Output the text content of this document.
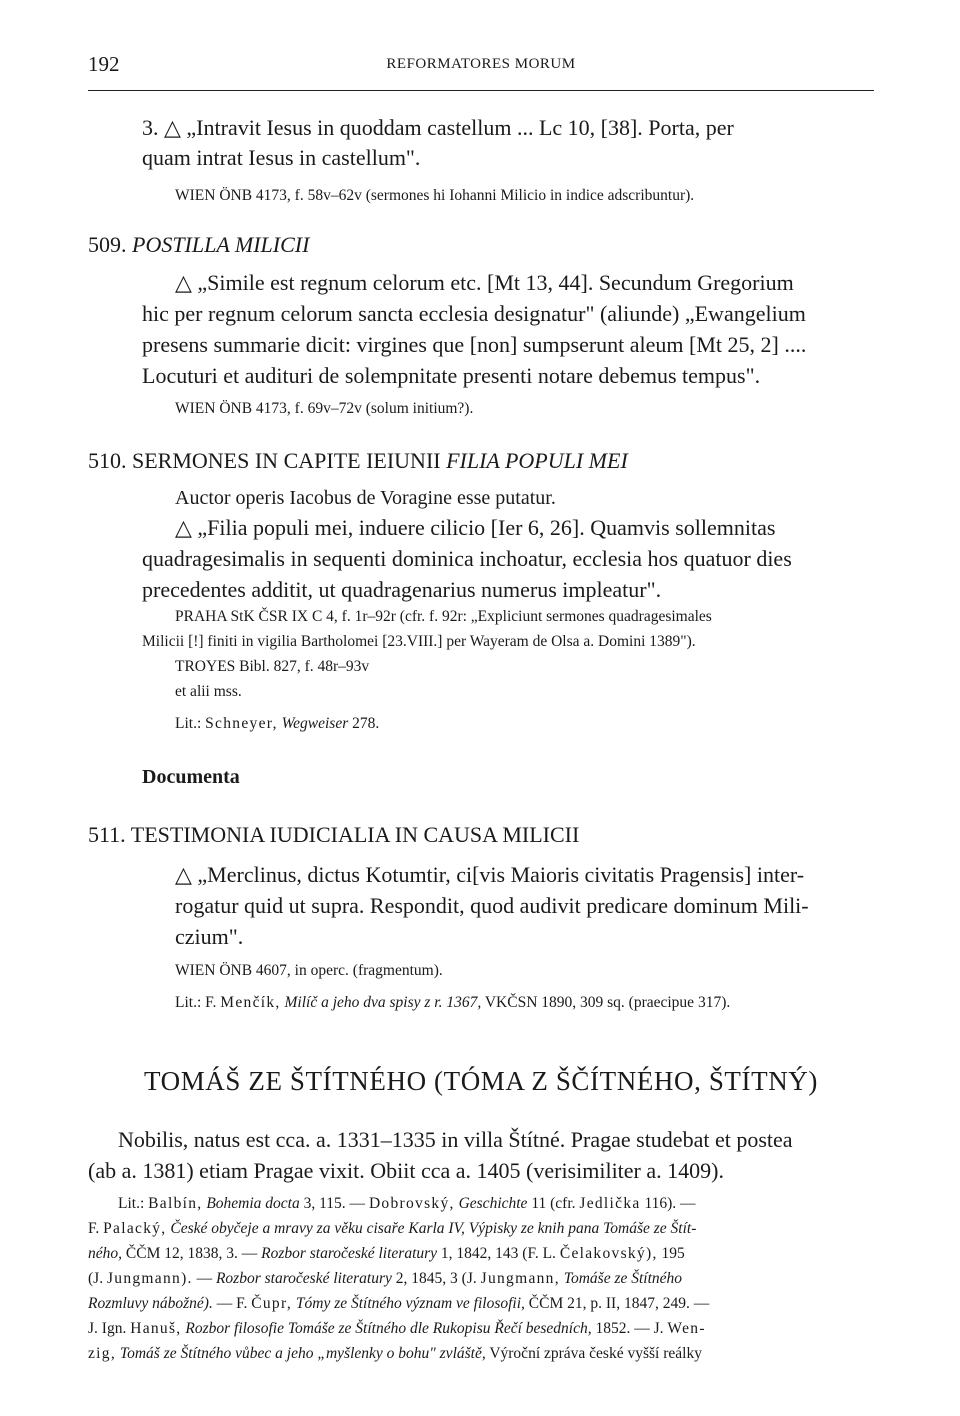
192	REFORMATORES MORUM
3. △ „Intravit Iesus in quoddam castellum ... Lc 10, [38]. Porta, per
quam intrat Iesus in castellum".
WIEN ÖNB 4173, f. 58v–62v (sermones hi Iohanni Milicio in indice adscribuntur).
509. POSTILLA MILICII
△ „Simile est regnum celorum etc. [Mt 13, 44]. Secundum Gregorium
hic per regnum celorum sancta ecclesia designatur" (aliunde) „Ewangelium
presens summarie dicit: virgines que [non] sumpserunt aleum [Mt 25, 2] ....
Locuturi et audituri de solempnitate presenti notare debemus tempus".
WIEN ÖNB 4173, f. 69v–72v (solum initium?).
510. SERMONES IN CAPITE IEIUNII FILIA POPULI MEI
Auctor operis Iacobus de Voragine esse putatur.
△ „Filia populi mei, induere cilicio [Ier 6, 26]. Quamvis sollemnitas
quadragesimalis in sequenti dominica inchoatur, ecclesia hos quatuor dies
precedentes additit, ut quadragenarius numerus impleatur".
PRAHA StK ČSR IX C 4, f. 1r–92r (cfr. f. 92r: „Expliciunt sermones quadragesimales
Milicii [!] finiti in vigilia Bartholomei [23.VIII.] per Wayeram de Olsa a. Domini 1389").
TROYES Bibl. 827, f. 48r–93v
et alii mss.
Lit.: Schneyer, Wegweiser 278.
Documenta
511. TESTIMONIA IUDICIALIA IN CAUSA MILICII
△ „Merclinus, dictus Kotumtir, ci[vis Maioris civitatis Pragensis] inter-
rogatur quid ut supra. Respondit, quod audivit predicare dominum Mili-
czium".
WIEN ÖNB 4607, in operc. (fragmentum).
Lit.: F. Menčík, Milíč a jeho dva spisy z r. 1367, VKČSN 1890, 309 sq. (praecipue 317).
TOMÁŠ ZE ŠTÍTNÉHO (TÓMA Z ŠČÍTNÉHO, ŠTÍTNÝ)
Nobilis, natus est cca. a. 1331–1335 in villa Štítné. Pragae studebat et postea
(ab a. 1381) etiam Pragae vixit. Obiit cca a. 1405 (verisimiliter a. 1409).
Lit.: Balbín, Bohemia docta 3, 115. — Dobrovský, Geschichte 11 (cfr. Jedlička 116). —
F. Palacký, České obyčeje a mravy za věku cisaře Karla IV, Výpisky ze knih pana Tomáše ze Štít-
ného, ČČM 12, 1838, 3. — Rozbor staročeské literatury 1, 1842, 143 (F. L. Čelakovský), 195
(J. Jungmann). — Rozbor staročeské literatury 2, 1845, 3 (J. Jungmann, Tomáše ze Štítného
Rozmluvy nábožné). — F. Čupr, Tómy ze Štítného význam ve filosofii, ČČM 21, p. II, 1847, 249. —
J. Ign. Hanuš, Rozbor filosofie Tomáše ze Štítného dle Rukopisu Řečí besedních, 1852. — J. Wen-
zig, Tomáš ze Štítného vůbec a jeho „myšlenky o bohu" zvláště, Výroční zpráva české vyšší reálky
